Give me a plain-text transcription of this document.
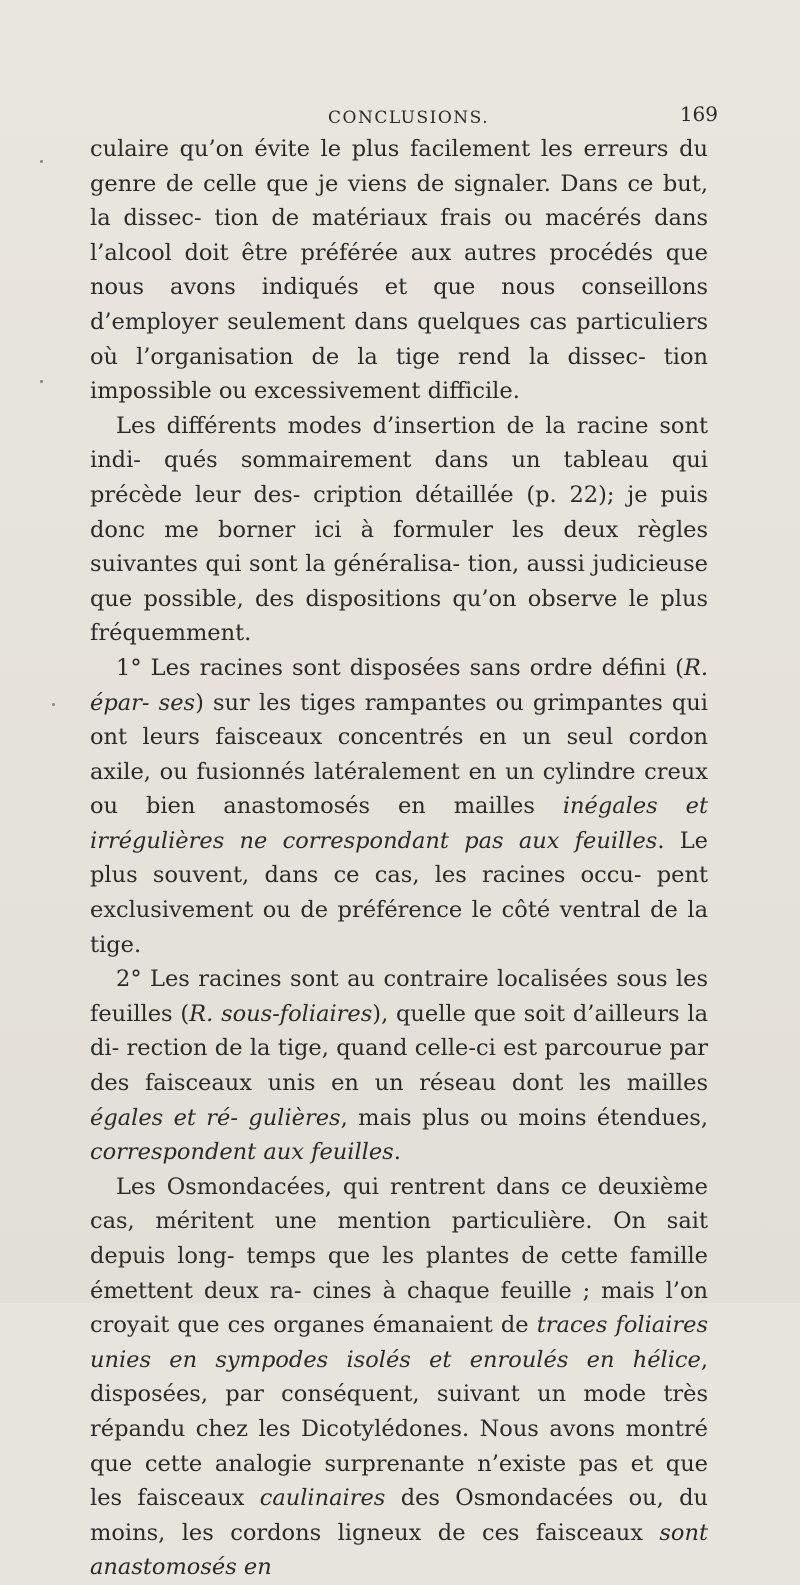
CONCLUSIONS.	169

culaire qu’on évite le plus facilement les erreurs du genre de celle que je viens de signaler. Dans ce but, la dissec- tion de matériaux frais ou macérés dans l’alcool doit être préférée aux autres procédés que nous avons indiqués et que nous conseillons d’employer seulement dans quelques cas particuliers où l’organisation de la tige rend la dissec- tion impossible ou excessivement difficile.

Les différents modes d’insertion de la racine sont indi- qués sommairement dans un tableau qui précède leur des- cription détaillée (p. 22); je puis donc me borner ici à formuler les deux règles suivantes qui sont la généralisa- tion, aussi judicieuse que possible, des dispositions qu’on observe le plus fréquemment.

1° Les racines sont disposées sans ordre défini (R. épar- ses) sur les tiges rampantes ou grimpantes qui ont leurs faisceaux concentrés en un seul cordon axile, ou fusionnés latéralement en un cylindre creux ou bien anastomosés en mailles inégales et irrégulières ne correspondant pas aux feuilles. Le plus souvent, dans ce cas, les racines occu- pent exclusivement ou de préférence le côté ventral de la tige.

2° Les racines sont au contraire localisées sous les feuilles (R. sous-foliaires), quelle que soit d’ailleurs la di- rection de la tige, quand celle-ci est parcourue par des faisceaux unis en un réseau dont les mailles égales et ré- gulières, mais plus ou moins étendues, correspondent aux feuilles.

Les Osmondacées, qui rentrent dans ce deuxième cas, méritent une mention particulière. On sait depuis long- temps que les plantes de cette famille émettent deux ra- cines à chaque feuille ; mais l’on croyait que ces organes émanaient de traces foliaires unies en sympodes isolés et enroulés en hélice, disposées, par conséquent, suivant un mode très répandu chez les Dicotylédones. Nous avons montré que cette analogie surprenante n’existe pas et que les faisceaux caulinaires des Osmondacées ou, du moins, les cordons ligneux de ces faisceaux sont anastomosés en
